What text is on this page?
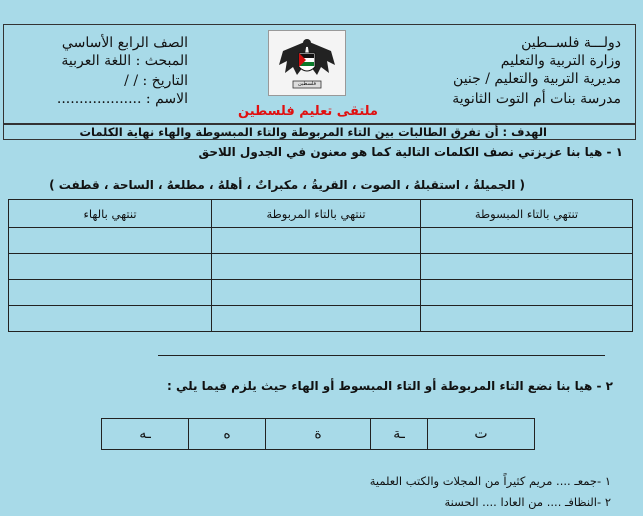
دولـــة فلســطين
وزارة التربية والتعليم
مديرية التربية والتعليم / جنين
مدرسة بنات أم التوت الثانوية
الصف الرابع الأساسي
المبحث : اللغة العربية
التاريخ : / /
الاسم : ...................
فلسطين
ملتقى تعليم فلسطين
الهدف : أن تفرق الطالبات بين التاء المربوطة والتاء المبسوطة والهاء نهاية الكلمات
١ - هيا بنا عزيزتي نصف الكلمات التالية كما هو معنون في الجدول اللاحق
( الجميلةُ ، استقبلهُ ، الصوت ، القريةُ ، مكبراتٌ ، أهلهُ ، مطلعهُ ، الساحة ، قطفت )
تنتهي بالتاء المبسوطة	تنتهي بالتاء المربوطة	تنتهي بالهاء

٢ - هيا بنا نضع التاء المربوطة أو التاء المبسوط أو الهاء حيث يلزم فيما يلي :
ت	ـة	ة	ه	ـه
١ -جمعـ .... مريم كثيراً من المجلات والكتب العلمية
٢ -النظافـ .... من العادا .... الحسنة
